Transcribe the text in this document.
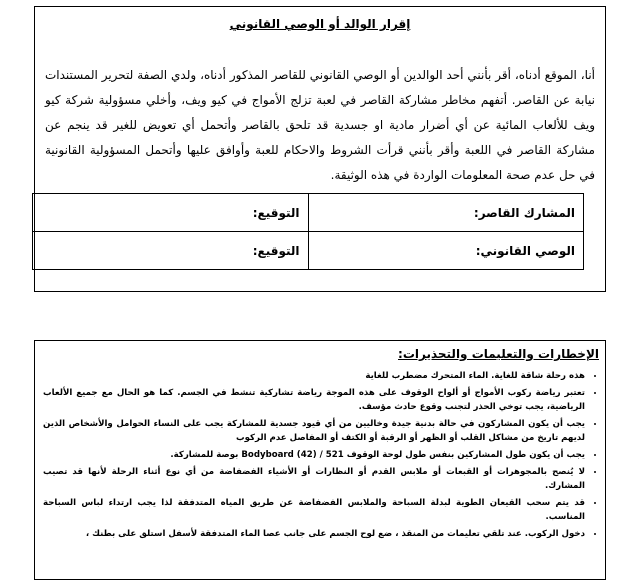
إقرار الوالد أو الوصي القانوني
أنا، الموقع أدناه، أقر بأنني أحد الوالدين أو الوصي القانوني للقاصر المذكور أدناه، ولدي الصفة لتحرير المستندات نيابة عن القاصر. أتفهم مخاطر مشاركة القاصر في لعبة تزلج الأمواج في كيو ويف، وأخلي مسؤولية شركة كيو ويف للألعاب المائية عن أي أضرار مادية او جسدية قد تلحق بالقاصر وأتحمل أي تعويض للغير قد ينجم عن مشاركة القاصر في اللعبة وأقر بأنني قرأت الشروط والاحكام للعبة وأوافق عليها وأتحمل المسؤولية القانونية في حل عدم صحة المعلومات الواردة في هذه الوثيقة.
المشارك القاصر:	التوقيع:
الوصي القانوني:	التوقيع:
الإخطارات والتعليمات والتحذيرات:
• هذه رحلة شاقة للغاية. الماء المتحرك مضطرب للغاية
• تعتبر رياضة ركوب الأمواج أو ألواح الوقوف على هذه الموجة رياضة تشاركية تنشط في الجسم. كما هو الحال مع جميع الألعاب الرياضية، يجب توخي الحذر لتجنب وقوع حادث مؤسف.
• يجب أن يكون المشاركون في حالة بدنية جيدة وخاليين من أي قيود جسدية للمشاركة يجب على النساء الحوامل والأشخاص الذين لديهم تاريخ من مشاكل القلب أو الظهر أو الرقبة أو الكتف أو المفاصل عدم الركوب
• يجب أن يكون طول المشاركين بنفس طول لوحة الوقوف 521 / Bodyboard (42) بوصة للمشاركة.
• لا يُنصح بالمجوهرات أو القبعات أو ملابس القدم أو النظارات أو الأشياء الفضفاضة من أي نوع أثناء الرحلة لأنها قد تصيب المشارك.
• قد يتم سحب القيعان الطوية لبدلة السباحة والملابس الفضفاضة عن طريق المياه المتدفقة لذا يجب ارتداء لباس السباحة المناسب.
• دخول الركوب. عند تلقي تعليمات من المنقذ ، ضع لوح الجسم على جانب عصا الماء المتدفقة لأسفل استلق على بطنك ،
